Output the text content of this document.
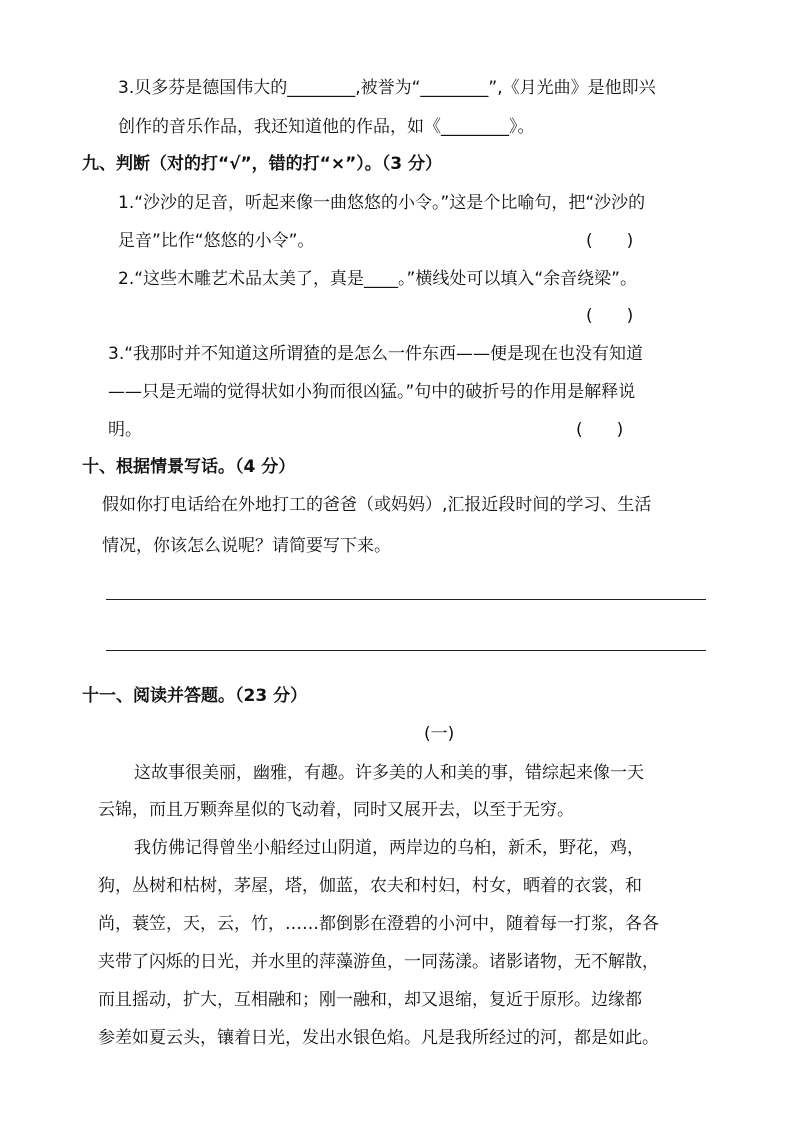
3.贝多芬是德国伟大的________,被誉为“________”,《月光曲》是他即兴
创作的音乐作品，我还知道他的作品，如《________》。
九、判断（对的打“√”，错的打“×”）。（3 分）
1.“沙沙的足音，听起来像一曲悠悠的小令。”这是个比喻句，把“沙沙的
足音”比作“悠悠的小令”。	(　　)
2.“这些木雕艺术品太美了，真是____。”横线处可以填入“余音绕梁”。
(　　)
3.“我那时并不知道这所谓猹的是怎么一件东西——便是现在也没有知道
——只是无端的觉得状如小狗而很凶猛。”句中的破折号的作用是解释说
明。	(　　)
十、根据情景写话。（4 分）
假如你打电话给在外地打工的爸爸（或妈妈）,汇报近段时间的学习、生活
情况，你该怎么说呢？请简要写下来。
十一、阅读并答题。（23 分）
(一)
这故事很美丽，幽雅，有趣。许多美的人和美的事，错综起来像一天
云锦，而且万颗奔星似的飞动着，同时又展开去，以至于无穷。
我仿佛记得曾坐小船经过山阴道，两岸边的乌桕，新禾，野花，鸡，
狗，丛树和枯树，茅屋，塔，伽蓝，农夫和村妇，村女，晒着的衣裳，和
尚，蓑笠，天，云，竹，……都倒影在澄碧的小河中，随着每一打浆，各各
夹带了闪烁的日光，并水里的萍藻游鱼，一同荡漾。诸影诸物，无不解散，
而且摇动，扩大，互相融和；刚一融和，却又退缩，复近于原形。边缘都
参差如夏云头，镶着日光，发出水银色焰。凡是我所经过的河，都是如此。
